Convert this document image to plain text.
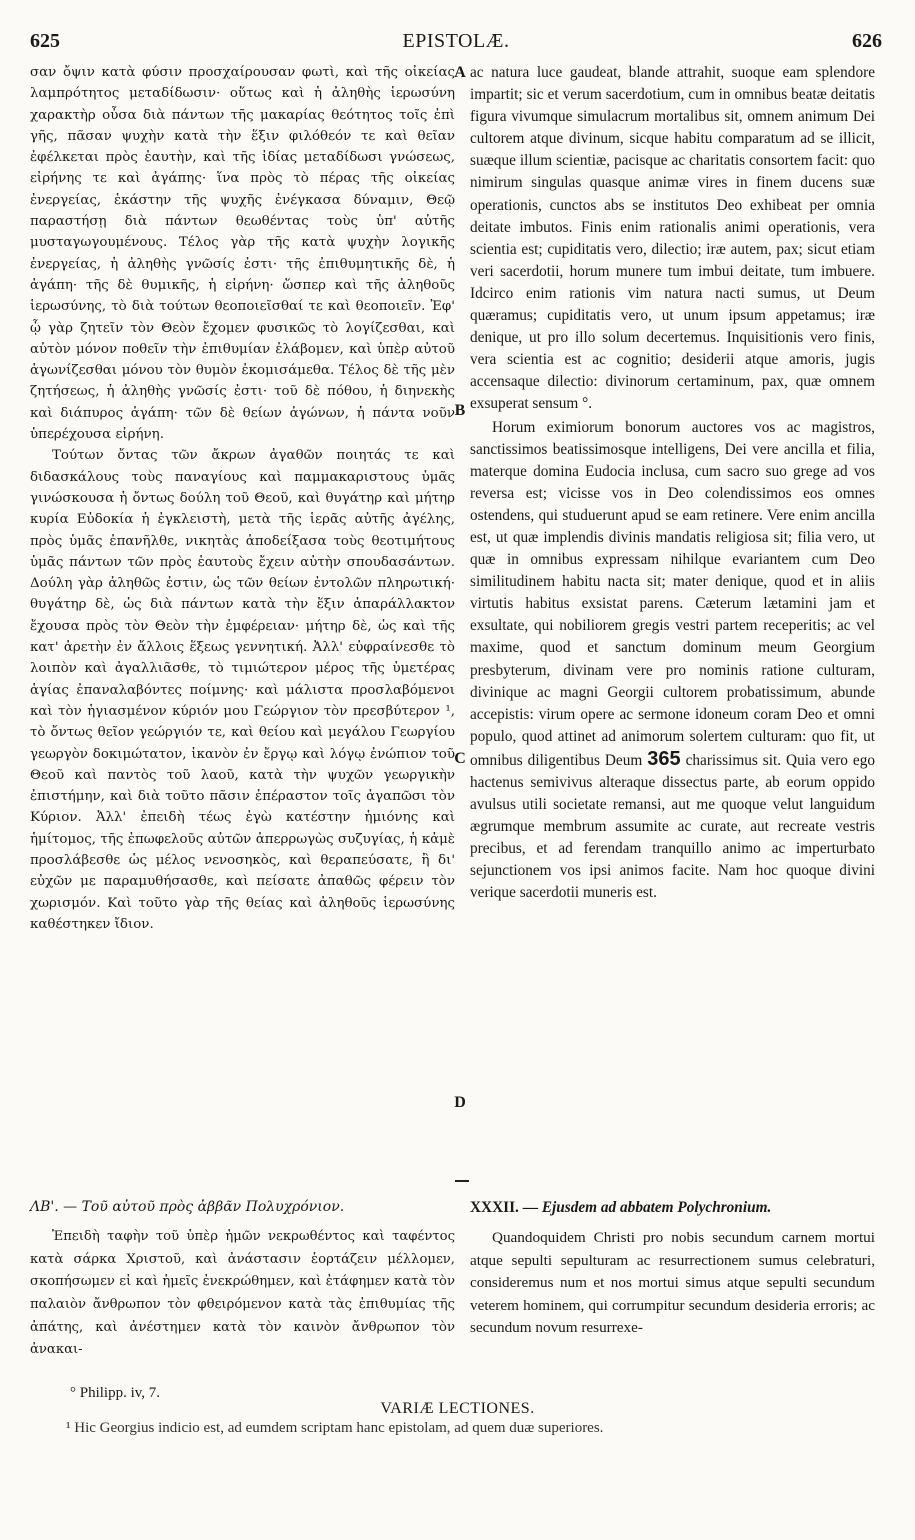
625	EPISTOLÆ.	626

σαν ὄψιν κατὰ φύσιν προσχαίρουσαν φωτὶ, καὶ τῆς οἰκείας λαμπρότητος μεταδίδωσιν· οὕτως καὶ ἡ ἀληθὴς ἱερωσύνη χαρακτὴρ οὖσα διὰ πάντων τῆς μακαρίας θεότητος τοῖς ἐπὶ γῆς, πᾶσαν ψυχὴν κατὰ τὴν ἕξιν φιλόθεόν τε καὶ θεῖαν ἐφέλκεται πρὸς ἑαυτὴν, καὶ τῆς ἰδίας μεταδίδωσι γνώσεως, εἰρήνης τε καὶ ἀγάπης· ἵνα πρὸς τὸ πέρας τῆς οἰκείας ἐνεργείας, ἑκάστην τῆς ψυχῆς ἐνέγκασα δύναμιν, Θεῷ παραστήσῃ διὰ πάντων θεωθέντας τοὺς ὑπ' αὐτῆς μυσταγωγουμένους. Τέλος γὰρ τῆς κατὰ ψυχὴν λογικῆς ἐνεργείας, ἡ ἀληθὴς γνῶσίς ἐστι· τῆς ἐπιθυμητικῆς δὲ, ἡ ἀγάπη· τῆς δὲ θυμικῆς, ἡ εἰρήνη· ὥσπερ καὶ τῆς ἀληθοῦς ἱερωσύνης, τὸ διὰ τούτων θεοποιεῖσθαί τε καὶ θεοποιεῖν. Ἐφ' ᾧ γὰρ ζητεῖν τὸν Θεὸν ἔχομεν φυσικῶς τὸ λογίζεσθαι, καὶ αὐτὸν μόνον ποθεῖν τὴν ἐπιθυμίαν ἐλάβομεν, καὶ ὑπὲρ αὐτοῦ ἀγωνίζεσθαι μόνου τὸν θυμὸν ἐκομισάμεθα. Τέλος δὲ τῆς μὲν ζητήσεως, ἡ ἀληθὴς γνῶσίς ἐστι· τοῦ δὲ πόθου, ἡ διηνεκὴς καὶ διάπυρος ἀγάπη· τῶν δὲ θείων ἀγώνων, ἡ πάντα νοῦν ὑπερέχουσα εἰρήνη.

Τούτων ὄντας τῶν ἄκρων ἀγαθῶν ποιητάς τε καὶ διδασκάλους τοὺς παναγίους καὶ παμμακαριστους ὑμᾶς γινώσκουσα ἡ ὄντως δούλη τοῦ Θεοῦ, καὶ θυγάτηρ καὶ μήτηρ κυρία Εὐδοκία ἡ ἐγκλειστὴ, μετὰ τῆς ἱερᾶς αὐτῆς ἀγέλης, πρὸς ὑμᾶς ἐπανῆλθε, νικητὰς ἀποδείξασα τοὺς θεοτιμήτους ὑμᾶς πάντων τῶν πρὸς ἑαυτοὺς ἔχειν αὐτὴν σπουδασάντων. Δούλη γὰρ ἀληθῶς ἐστιν, ὡς τῶν θείων ἐντολῶν πληρωτική· θυγάτηρ δὲ, ὡς διὰ πάντων κατὰ τὴν ἕξιν ἀπαράλλακτον ἔχουσα πρὸς τὸν Θεὸν τὴν ἐμφέρειαν· μήτηρ δὲ, ὡς καὶ τῆς κατ' ἀρετὴν ἐν ἄλλοις ἕξεως γεννητική. Ἀλλ' εὐφραίνεσθε τὸ λοιπὸν καὶ ἀγαλλιᾶσθε, τὸ τιμιώτερον μέρος τῆς ὑμετέρας ἁγίας ἐπαναλαβόντες ποίμνης· καὶ μάλιστα προσλαβόμενοι καὶ τὸν ἡγιασμένον κύριόν μου Γεώργιον τὸν πρεσβύτερον ¹, τὸ ὄντως θεῖον γεώργιόν τε, καὶ θείου καὶ μεγάλου Γεωργίου γεωργὸν δοκιμώτατον, ἱκανὸν ἐν ἔργῳ καὶ λόγῳ ἐνώπιον τοῦ Θεοῦ καὶ παντὸς τοῦ λαοῦ, κατὰ τὴν ψυχῶν γεωργικὴν ἐπιστήμην, καὶ διὰ τοῦτο πᾶσιν ἐπέραστον τοῖς ἀγαπῶσι τὸν Κύριον. Ἀλλ' ἐπειδὴ τέως ἐγὼ κατέστην ἡμιόνης καὶ ἡμίτομος, τῆς ἐπωφελοῦς αὐτῶν ἀπερρωγὼς συζυγίας, ἡ κἀμὲ προσλάβεσθε ὡς μέλος νενοσηκὸς, καὶ θεραπεύσατε, ἢ δι' εὐχῶν με παραμυθήσασθε, καὶ πείσατε ἀπαθῶς φέρειν τὸν χωρισμόν. Καὶ τοῦτο γὰρ τῆς θείας καὶ ἀληθοῦς ἱερωσύνης καθέστηκεν ἴδιον.

A
B
C
D

ac natura luce gaudeat, blande attrahit, suoque eam splendore impartit; sic et verum sacerdotium, cum in omnibus beatæ deitatis figura vivumque simulacrum mortalibus sit, omnem animum Dei cultorem atque divinum, sicque habitu comparatum ad se illicit, suæque illum scientiæ, pacisque ac charitatis consortem facit: quo nimirum singulas quasque animæ vires in finem ducens suæ operationis, cunctos abs se institutos Deo exhibeat per omnia deitate imbutos. Finis enim rationalis animi operationis, vera scientia est; cupiditatis vero, dilectio; iræ autem, pax; sicut etiam veri sacerdotii, horum munere tum imbui deitate, tum imbuere. Idcirco enim rationis vim natura nacti sumus, ut Deum quæramus; cupiditatis vero, ut unum ipsum appetamus; iræ denique, ut pro illo solum decertemus. Inquisitionis vero finis, vera scientia est ac cognitio; desiderii atque amoris, jugis accensaque dilectio: divinorum certaminum, pax, quæ omnem exsuperat sensum °.

Horum eximiorum bonorum auctores vos ac magistros, sanctissimos beatissimosque intelligens, Dei vere ancilla et filia, materque domina Eudocia inclusa, cum sacro suo grege ad vos reversa est; vicisse vos in Deo colendissimos eos omnes ostendens, qui studuerunt apud se eam retinere. Vere enim ancilla est, ut quæ implendis divinis mandatis religiosa sit; filia vero, ut quæ in omnibus expressam nihilque evariantem cum Deo similitudinem habitu nacta sit; mater denique, quod et in aliis virtutis habitus exsistat parens. Cæterum lætamini jam et exsultate, qui nobiliorem gregis vestri partem receperitis; ac vel maxime, quod et sanctum dominum meum Georgium presbyterum, divinam vere pro nominis ratione culturam, divinique ac magni Georgii cultorem probatissimum, abunde accepistis: virum opere ac sermone idoneum coram Deo et omni populo, quod attinet ad animorum solertem culturam: quo fit, ut omnibus diligentibus Deum 365 charissimus sit. Quia vero ego hactenus semivivus alteraque dissectus parte, ab eorum oppido avulsus utili societate remansi, aut me quoque velut languidum ægrumque membrum assumite ac curate, aut recreate vestris precibus, et ad ferendam tranquillo animo ac imperturbato sejunctionem vos ipsi animos facite. Nam hoc quoque divini verique sacerdotii muneris est.

ΛΒ'. — Τοῦ αὐτοῦ πρὸς ἀββᾶν Πολυχρόνιον.

Ἐπειδὴ ταφὴν τοῦ ὑπὲρ ἡμῶν νεκρωθέντος καὶ ταφέντος κατὰ σάρκα Χριστοῦ, καὶ ἀνάστασιν ἑορτάζειν μέλλομεν, σκοπήσωμεν εἰ καὶ ἡμεῖς ἐνεκρώθημεν, καὶ ἐτάφημεν κατὰ τὸν παλαιὸν ἄνθρωπον τὸν φθειρόμενον κατὰ τὰς ἐπιθυμίας τῆς ἀπάτης, καὶ ἀνέστημεν κατὰ τὸν καινὸν ἄνθρωπον τὸν ἀνακαι-

XXXII. — Ejusdem ad abbatem Polychronium.

Quandoquidem Christi pro nobis secundum carnem mortui atque sepulti sepulturam ac resurrectionem sumus celebraturi, consideremus num et nos mortui simus atque sepulti secundum veterem hominem, qui corrumpitur secundum desideria erroris; ac secundum novum resurrexe-

° Philipp. iv, 7.
VARIÆ LECTIONES.
¹ Hic Georgius indicio est, ad eumdem scriptam hanc epistolam, ad quem duæ superiores.
